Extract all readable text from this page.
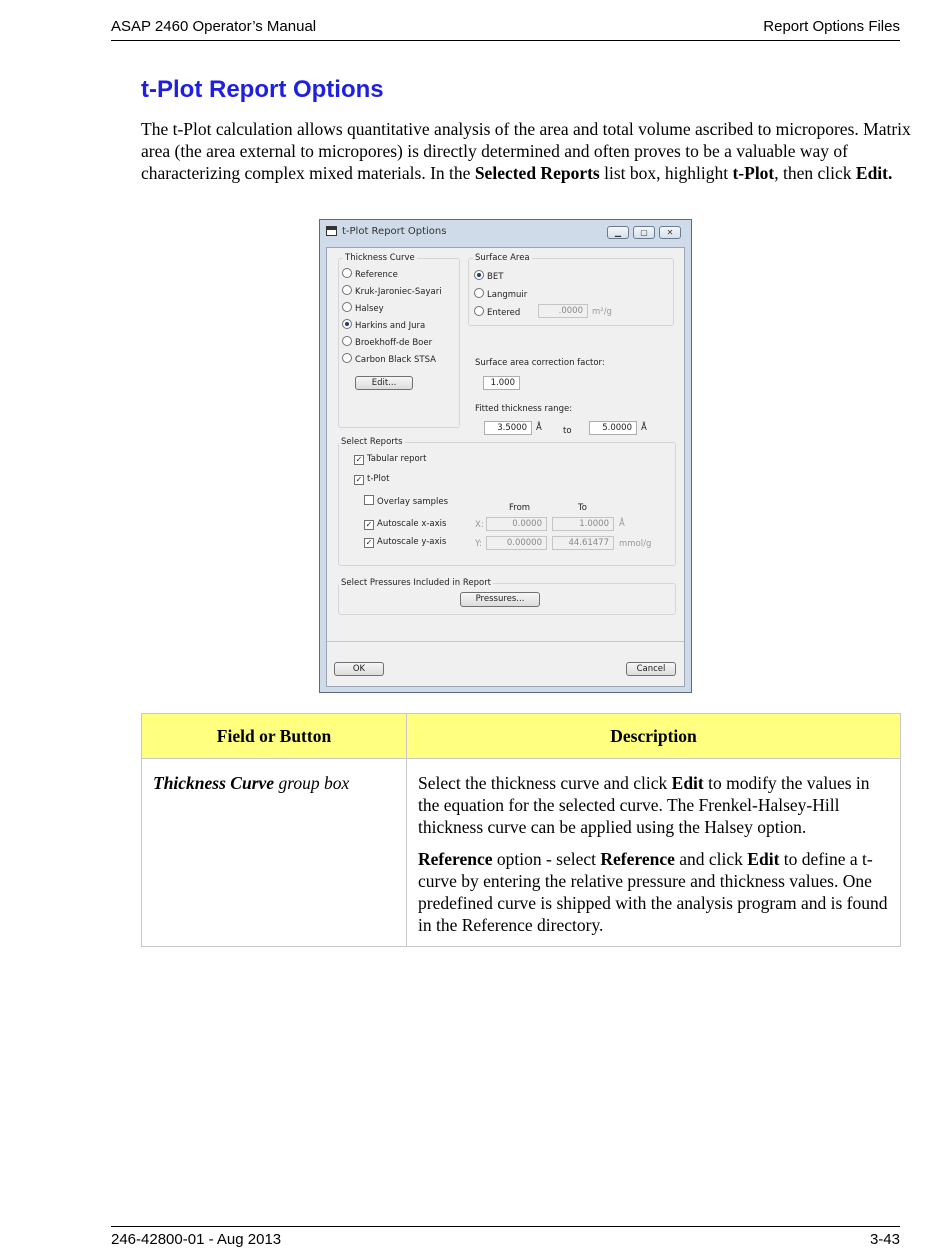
ASAP 2460 Operator’s Manual	Report Options Files
t-Plot Report Options
The t-Plot calculation allows quantitative analysis of the area and total volume ascribed to micropores. Matrix area (the area external to micropores) is directly determined and often proves to be a valuable way of characterizing complex mixed materials. In the Selected Reports list box, highlight t-Plot, then click Edit.
t-Plot Report Options	▁	▢	✕
Thickness Curve
Reference
Kruk-Jaroniec-Sayari
Halsey
Harkins and Jura
Broekhoff-de Boer
Carbon Black STSA
Edit...
Surface Area
BET
Langmuir
Entered	.0000	m²/g
Surface area correction factor:
1.000
Fitted thickness range:
3.5000	Å to	5.0000	Å
Select Reports
✓ Tabular report
✓ t-Plot
Overlay samples
From	To
✓ Autoscale x-axis	X:	0.0000	1.0000	Å
✓ Autoscale y-axis	Y:	0.00000	44.61477	mmol/g
Select Pressures Included in Report
Pressures...
OK	Cancel
Field or Button	Description
Thickness Curve group box	Select the thickness curve and click Edit to modify the values in the equation for the selected curve. The Frenkel-Halsey-Hill thickness curve can be applied using the Halsey option.

Reference option - select Reference and click Edit to define a t-curve by entering the relative pressure and thickness values. One predefined curve is shipped with the analysis program and is found in the Reference directory.

246-42800-01 - Aug 2013	3-43
